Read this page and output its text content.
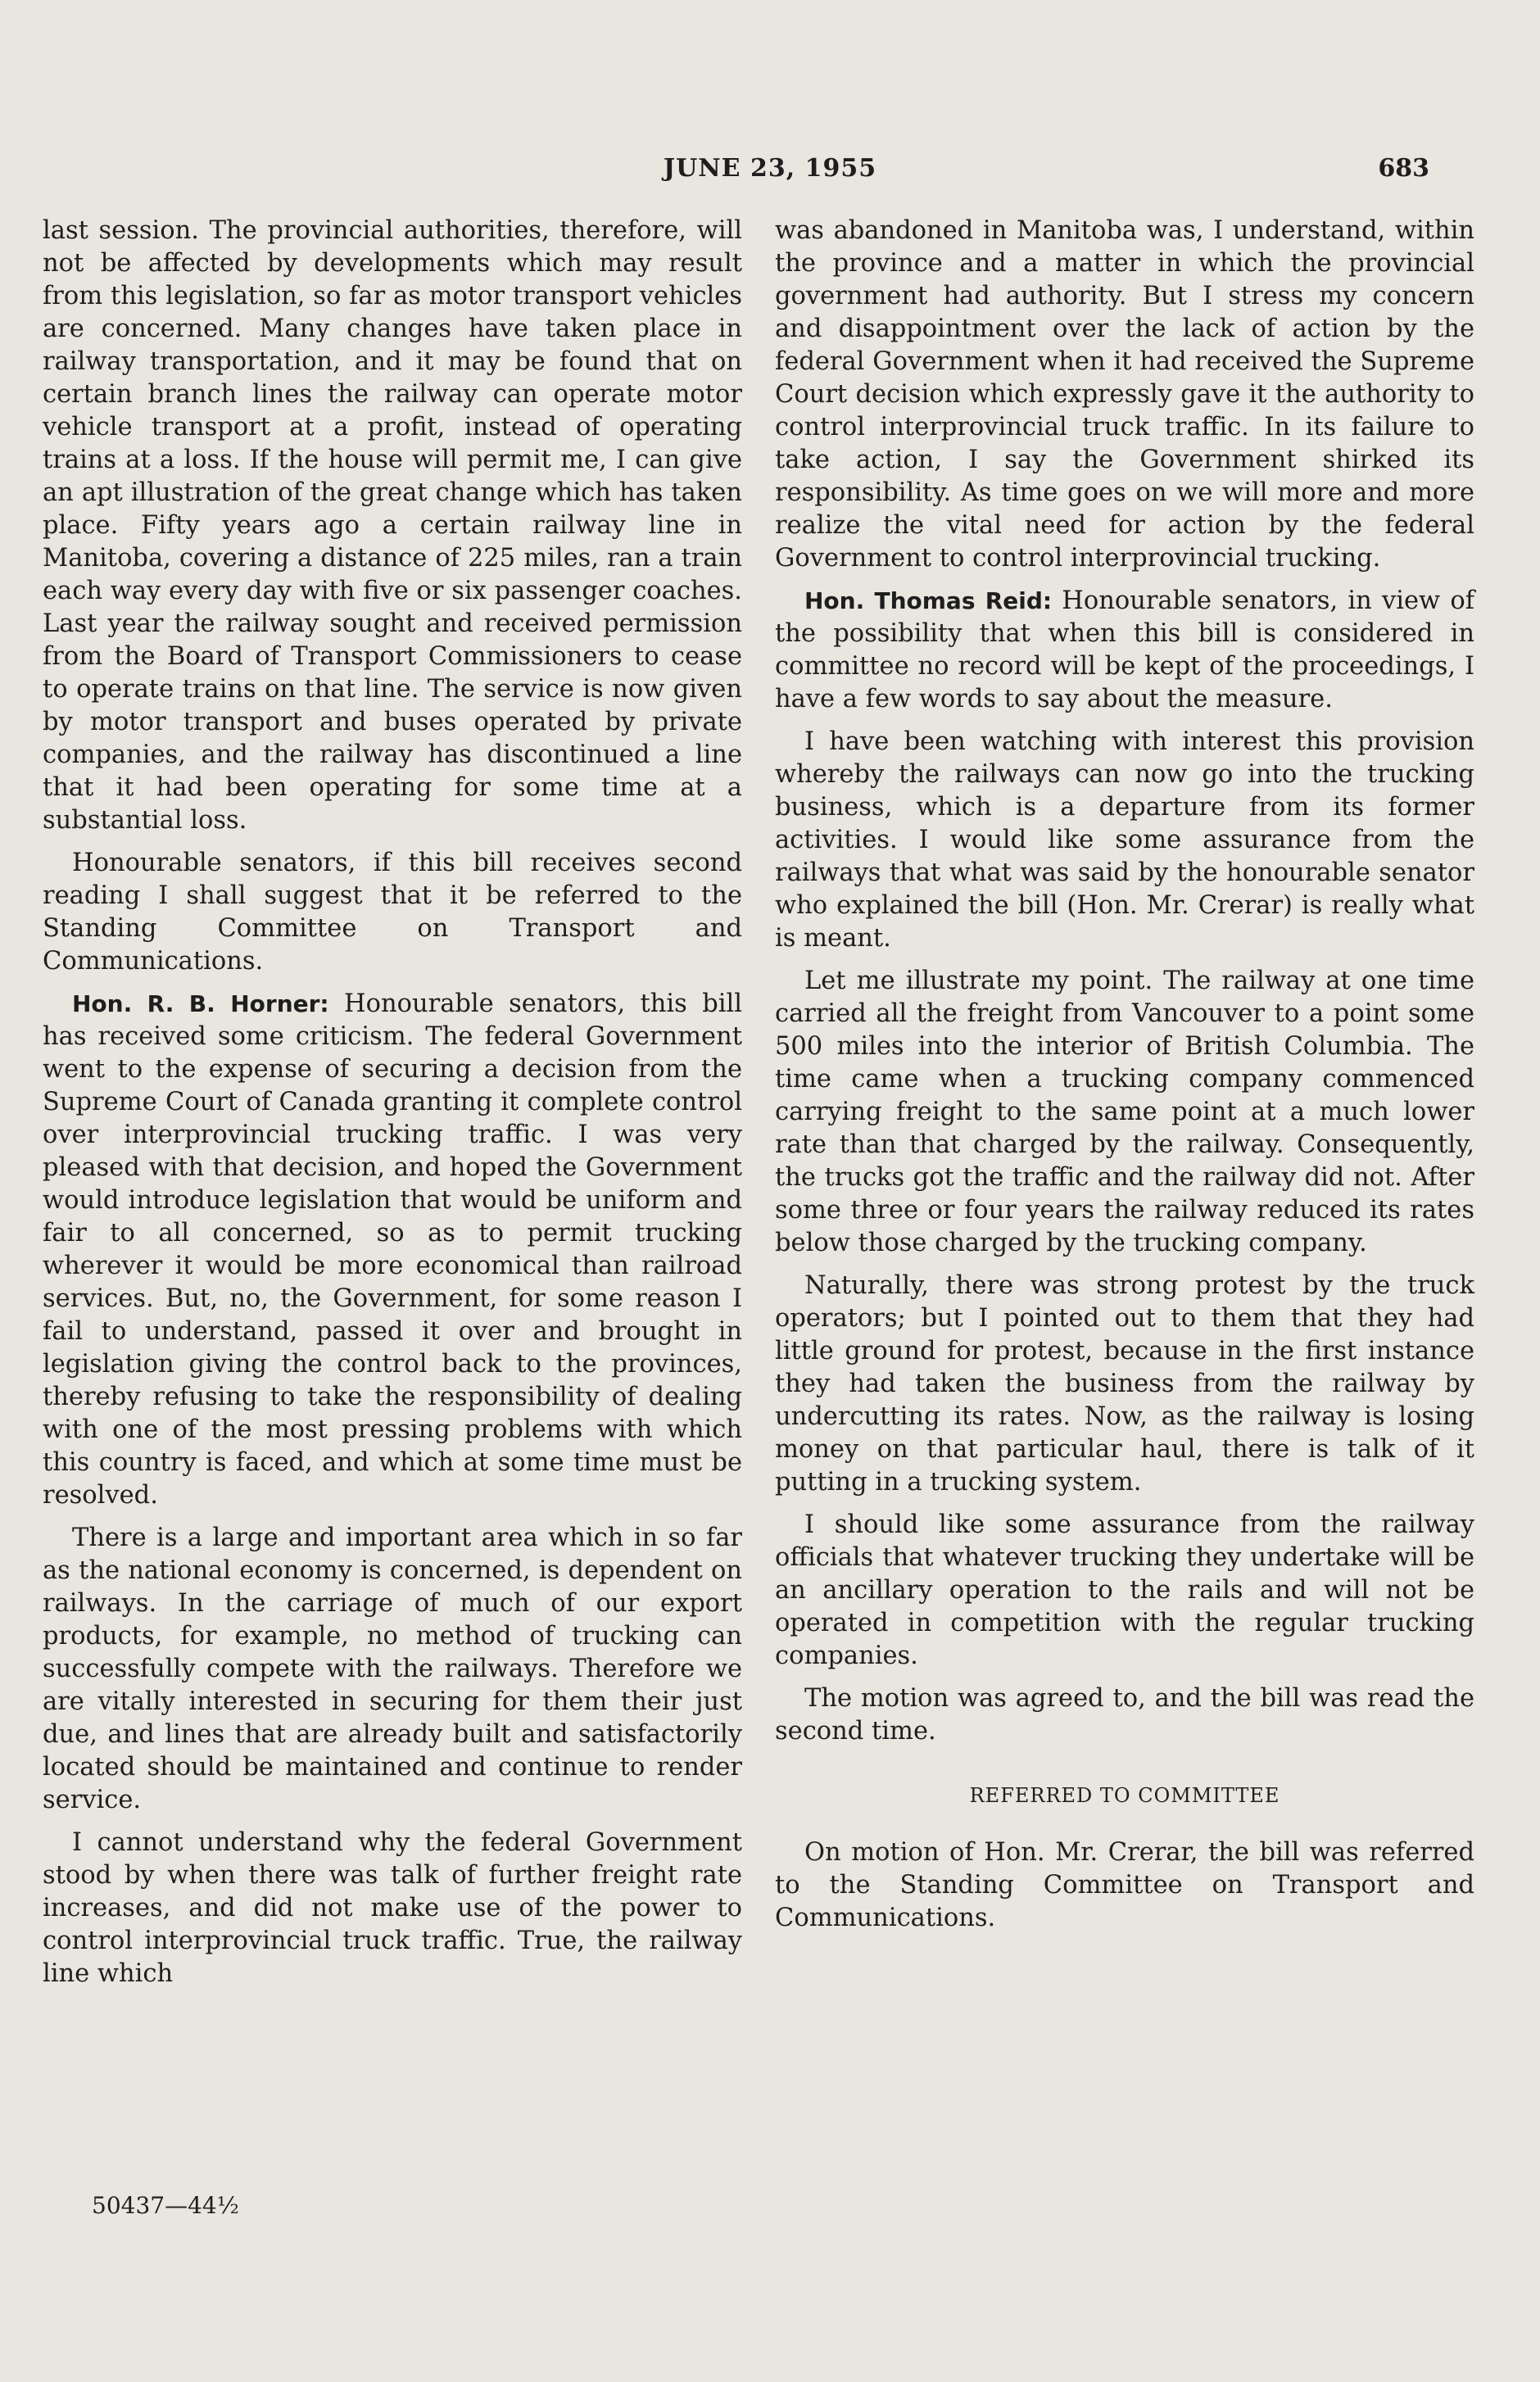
JUNE 23, 1955	683

last session. The provincial authorities, therefore, will not be affected by developments which may result from this legislation, so far as motor transport vehicles are concerned. Many changes have taken place in railway transportation, and it may be found that on certain branch lines the railway can operate motor vehicle transport at a profit, instead of operating trains at a loss. If the house will permit me, I can give an apt illustration of the great change which has taken place. Fifty years ago a certain railway line in Manitoba, covering a distance of 225 miles, ran a train each way every day with five or six passenger coaches. Last year the railway sought and received permission from the Board of Transport Commissioners to cease to operate trains on that line. The service is now given by motor transport and buses operated by private companies, and the railway has discontinued a line that it had been operating for some time at a substantial loss.

Honourable senators, if this bill receives second reading I shall suggest that it be referred to the Standing Committee on Transport and Communications.

Hon. R. B. Horner: Honourable senators, this bill has received some criticism. The federal Government went to the expense of securing a decision from the Supreme Court of Canada granting it complete control over interprovincial trucking traffic. I was very pleased with that decision, and hoped the Government would introduce legislation that would be uniform and fair to all concerned, so as to permit trucking wherever it would be more economical than railroad services. But, no, the Government, for some reason I fail to understand, passed it over and brought in legislation giving the control back to the provinces, thereby refusing to take the responsibility of dealing with one of the most pressing problems with which this country is faced, and which at some time must be resolved.

There is a large and important area which in so far as the national economy is concerned, is dependent on railways. In the carriage of much of our export products, for example, no method of trucking can successfully compete with the railways. Therefore we are vitally interested in securing for them their just due, and lines that are already built and satisfactorily located should be maintained and continue to render service.

I cannot understand why the federal Government stood by when there was talk of further freight rate increases, and did not make use of the power to control interprovincial truck traffic. True, the railway line which

was abandoned in Manitoba was, I understand, within the province and a matter in which the provincial government had authority. But I stress my concern and disappointment over the lack of action by the federal Government when it had received the Supreme Court decision which expressly gave it the authority to control interprovincial truck traffic. In its failure to take action, I say the Government shirked its responsibility. As time goes on we will more and more realize the vital need for action by the federal Government to control interprovincial trucking.

Hon. Thomas Reid: Honourable senators, in view of the possibility that when this bill is considered in committee no record will be kept of the proceedings, I have a few words to say about the measure.

I have been watching with interest this provision whereby the railways can now go into the trucking business, which is a departure from its former activities. I would like some assurance from the railways that what was said by the honourable senator who explained the bill (Hon. Mr. Crerar) is really what is meant.

Let me illustrate my point. The railway at one time carried all the freight from Vancouver to a point some 500 miles into the interior of British Columbia. The time came when a trucking company commenced carrying freight to the same point at a much lower rate than that charged by the railway. Consequently, the trucks got the traffic and the railway did not. After some three or four years the railway reduced its rates below those charged by the trucking company.

Naturally, there was strong protest by the truck operators; but I pointed out to them that they had little ground for protest, because in the first instance they had taken the business from the railway by undercutting its rates. Now, as the railway is losing money on that particular haul, there is talk of it putting in a trucking system.

I should like some assurance from the railway officials that whatever trucking they undertake will be an ancillary operation to the rails and will not be operated in competition with the regular trucking companies.

The motion was agreed to, and the bill was read the second time.

REFERRED TO COMMITTEE

On motion of Hon. Mr. Crerar, the bill was referred to the Standing Committee on Transport and Communications.

50437—44½
